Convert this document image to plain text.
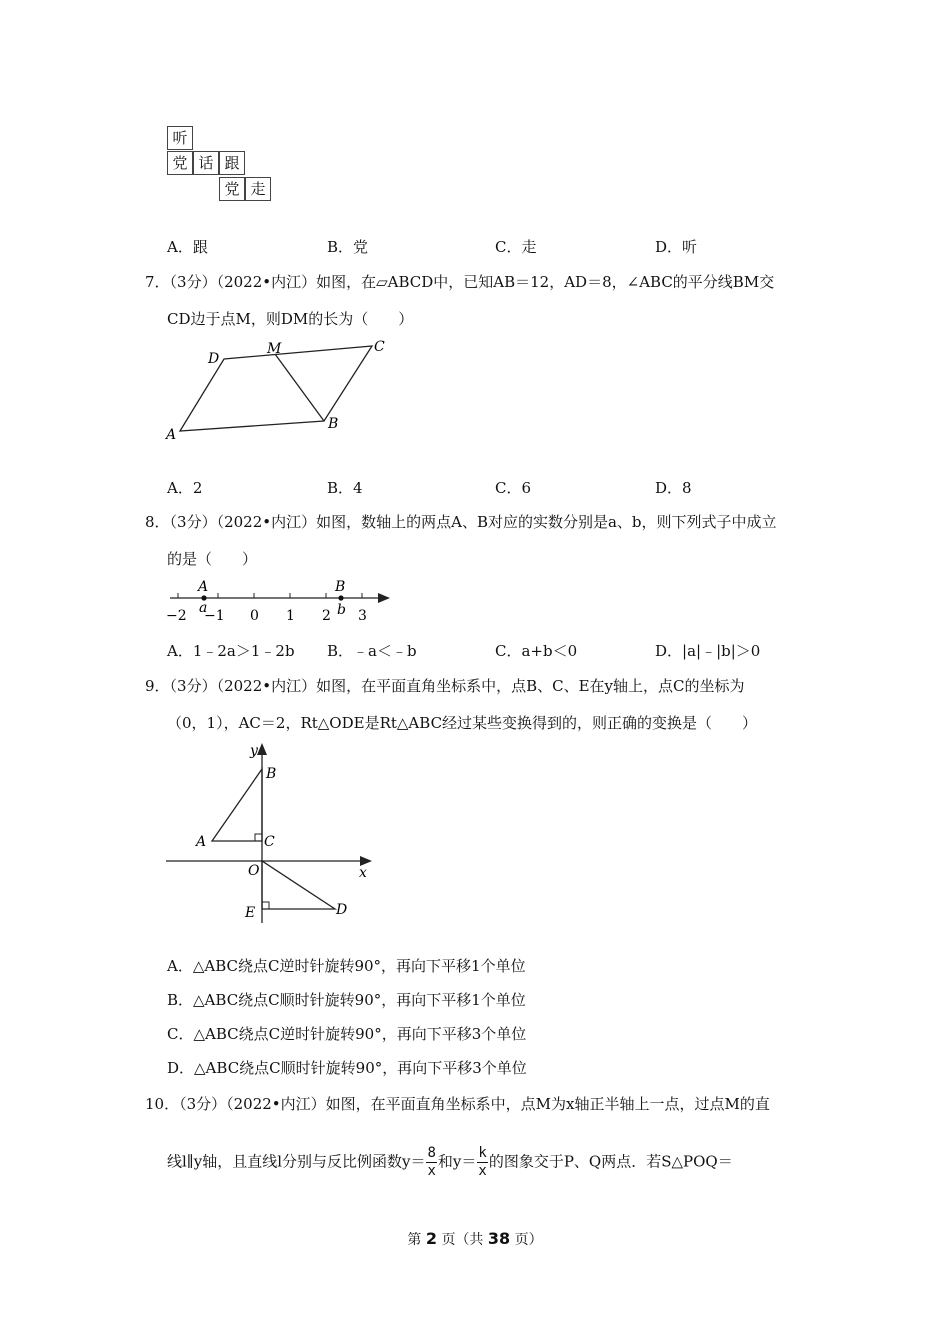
听
党 话 跟
党 走
A．跟	B．党	C．走	D．听
7．（3分）（2022•内江）如图，在▱ABCD中，已知AB＝12，AD＝8，∠ABC的平分线BM交
CD边于点M，则DM的长为（　　）
A
D
M	C
B
A．2	B．4	C．6	D．8
8．（3分）（2022•内江）如图，数轴上的两点A、B对应的实数分别是a、b，则下列式子中成立
的是（　　）
A	B
−2 a
−1 0 1 2 b 3
A．1﹣2a＞1﹣2b B．﹣a＜﹣b	C．a+b＜0	D．|a|﹣|b|＞0
9．（3分）（2022•内江）如图，在平面直角坐标系中，点B、C、E在y轴上，点C的坐标为
（0，1），AC＝2，Rt△ODE是Rt△ABC经过某些变换得到的，则正确的变换是（　　）
y
B
A	C
O	x
E	D
A．△ABC绕点C逆时针旋转90°，再向下平移1个单位
B．△ABC绕点C顺时针旋转90°，再向下平移1个单位
C．△ABC绕点C逆时针旋转90°，再向下平移3个单位
D．△ABC绕点C顺时针旋转90°，再向下平移3个单位
10．（3分）（2022•内江）如图，在平面直角坐标系中，点M为x轴正半轴上一点，过点M的直
线l∥y轴，且直线l分别与反比例函数$y= \frac{8}{x}$ 和$y= \frac{k}{x}$ 的图象交于P、Q两点．若S△POQ＝
第 2 页（共 38 页）
